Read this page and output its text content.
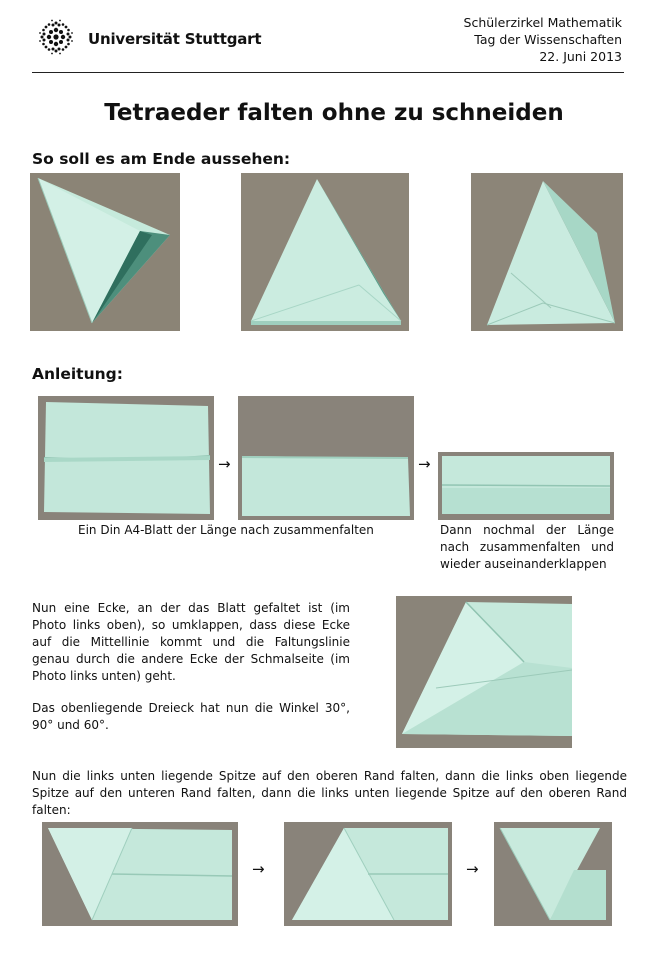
Universität Stuttgart
Schülerzirkel Mathematik
Tag der Wissenschaften
22. Juni 2013
Tetraeder falten ohne zu schneiden
So soll es am Ende aussehen:
Anleitung:
→	→
Ein Din A4-Blatt der Länge nach zusammenfalten	Dann nochmal der Länge nach zusammenfalten und wieder auseinanderklappen
Nun eine Ecke, an der das Blatt gefaltet ist (im Photo links oben), so umklappen, dass diese Ecke auf die Mittellinie kommt und die Faltungslinie genau durch die andere Ecke der Schmalseite (im Photo links unten) geht.
Das obenliegende Dreieck hat nun die Winkel 30°, 90° und 60°.
Nun die links unten liegende Spitze auf den oberen Rand falten, dann die links oben liegende Spitze auf den unteren Rand falten, dann die links unten liegende Spitze auf den oberen Rand falten:
→	→
